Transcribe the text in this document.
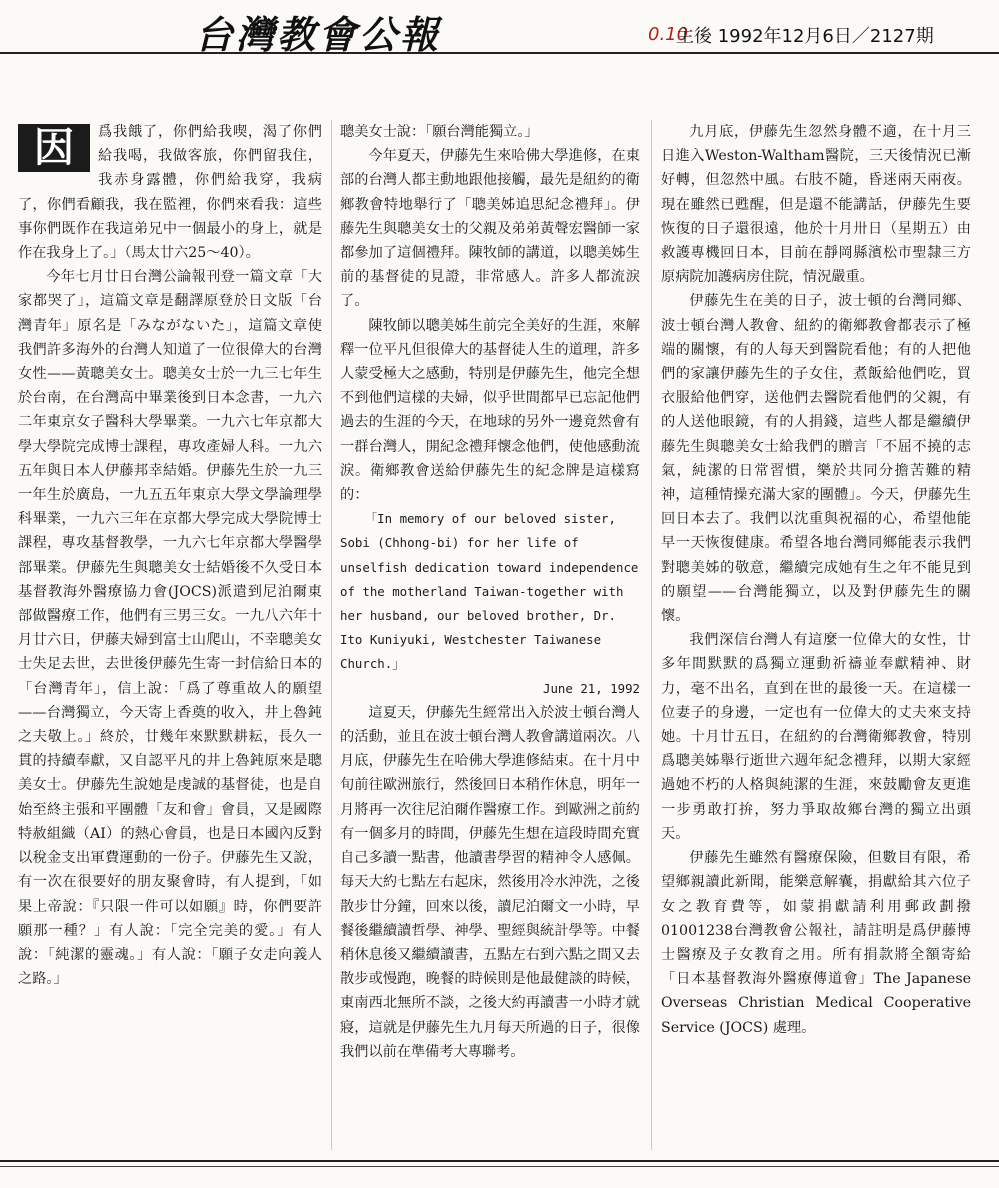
台灣教會公報	0.10
主後 1992年12月6日／2127期

因	爲我餓了，你們給我喫，渴了你們給我喝，我做客旅，你們留我住，我赤身露體，你們給我穿，我病了，你們看顧我，我在監裡，你們來看我：這些事你們既作在我這弟兄中一個最小的身上，就是作在我身上了。」（馬太廿六25～40）。

今年七月廿日台灣公論報刊登一篇文章「大家都哭了」，這篇文章是翻譯原登於日文版「台灣青年」原名是「みながないた」，這篇文章使我們許多海外的台灣人知道了一位很偉大的台灣女性——黃聰美女士。聰美女士於一九三七年生於台南，在台灣高中畢業後到日本念書，一九六二年東京女子醫科大學畢業。一九六七年京都大學大學院完成博士課程，專攻產婦人科。一九六五年與日本人伊藤邦幸結婚。伊藤先生於一九三一年生於廣島，一九五五年東京大學文學論理學科畢業，一九六三年在京都大學完成大學院博士課程，專攻基督教學，一九六七年京都大學醫學部畢業。伊藤先生與聰美女士結婚後不久受日本基督教海外醫療協力會(JOCS)派遣到尼泊爾東部做醫療工作，他們有三男三女。一九八六年十月廿六日，伊藤夫婦到富士山爬山，不幸聰美女士失足去世，去世後伊藤先生寄一封信給日本的「台灣青年」，信上說：「爲了尊重故人的願望——台灣獨立，今天寄上香奠的收入，井上魯鈍之夫敬上。」終於，廿幾年來默默耕耘，長久一貫的持續奉獻，又自認平凡的井上魯鈍原來是聰美女士。伊藤先生說她是虔誠的基督徒，也是自始至終主張和平團體「友和會」會員，又是國際特赦組織（AI）的熱心會員，也是日本國內反對以稅金支出軍費運動的一份子。伊藤先生又說，有一次在很要好的朋友聚會時，有人提到，「如果上帝說：『只限一件可以如願』時，你們要許願那一種？」有人說：「完全完美的愛。」有人說：「純潔的靈魂。」有人說：「願子女走向義人之路。」

聰美女士說：「願台灣能獨立。」

今年夏天，伊藤先生來哈佛大學進修，在東部的台灣人都主動地跟他接觸，最先是紐約的衛鄉教會特地舉行了「聰美姊追思紀念禮拜」。伊藤先生與聰美女士的父親及弟弟黃聲宏醫師一家都參加了這個禮拜。陳牧師的講道，以聰美姊生前的基督徒的見證，非常感人。許多人都流淚了。

陳牧師以聰美姊生前完全美好的生涯，來解釋一位平凡但很偉大的基督徒人生的道理，許多人蒙受極大之感動，特別是伊藤先生，他完全想不到他們這樣的夫婦，似乎世間都早已忘記他們過去的生涯的今天，在地球的另外一邊竟然會有一群台灣人，開紀念禮拜懷念他們，使他感動流淚。衛鄉教會送給伊藤先生的紀念牌是這樣寫的：

「In memory of our beloved sister, Sobi (Chhong-bi) for her life of unselfish dedication toward independence of the motherland Taiwan-together with her husband, our beloved brother, Dr. Ito Kuniyuki, Westchester Taiwanese Church.」

June 21, 1992

這夏天，伊藤先生經常出入於波士頓台灣人的活動，並且在波士頓台灣人教會講道兩次。八月底，伊藤先生在哈佛大學進修結束。在十月中旬前往歐洲旅行，然後回日本稍作休息，明年一月將再一次往尼泊爾作醫療工作。到歐洲之前約有一個多月的時間，伊藤先生想在這段時間充實自己多讀一點書，他讀書學習的精神令人感佩。每天大約七點左右起床，然後用冷水沖洗，之後散步廿分鐘，回來以後，讀尼泊爾文一小時，早餐後繼續讀哲學、神學、聖經與統計學等。中餐稍休息後又繼續讀書，五點左右到六點之間又去散步或慢跑，晚餐的時候則是他最健談的時候，東南西北無所不談，之後大約再讀書一小時才就寢，這就是伊藤先生九月每天所過的日子，很像我們以前在準備考大專聯考。

九月底，伊藤先生忽然身體不適，在十月三日進入Weston-Waltham醫院，三天後情況已漸好轉，但忽然中風。右肢不隨，昏迷兩天兩夜。現在雖然已甦醒，但是還不能講話，伊藤先生要恢復的日子還很遠，他於十月卅日（星期五）由救護專機回日本，目前在靜岡縣濱松市聖隸三方原病院加護病房住院，情況嚴重。

伊藤先生在美的日子，波士頓的台灣同鄉、波士頓台灣人教會、紐約的衛鄉教會都表示了極端的關懷，有的人每天到醫院看他；有的人把他們的家讓伊藤先生的子女住，煮飯給他們吃，買衣服給他們穿，送他們去醫院看他們的父親，有的人送他眼鏡，有的人捐錢，這些人都是繼續伊藤先生與聰美女士給我們的贈言「不屈不撓的志氣，純潔的日常習慣，樂於共同分擔苦難的精神，這種情操充滿大家的團體」。今天，伊藤先生回日本去了。我們以沈重與祝福的心，希望他能早一天恢復健康。希望各地台灣同鄉能表示我們對聰美姊的敬意，繼續完成她有生之年不能見到的願望——台灣能獨立，以及對伊藤先生的關懷。

我們深信台灣人有這麼一位偉大的女性，廿多年間默默的爲獨立運動祈禱並奉獻精神、財力，毫不出名，直到在世的最後一天。在這樣一位妻子的身邊，一定也有一位偉大的丈夫來支持她。十月廿五日，在紐約的台灣衛鄉教會，特別爲聰美姊舉行逝世六週年紀念禮拜，以期大家經過她不朽的人格與純潔的生涯，來鼓勵會友更進一步勇敢打拚，努力爭取故鄉台灣的獨立出頭天。

伊藤先生雖然有醫療保險，但數目有限，希望鄉親讀此新聞，能樂意解囊，捐獻給其六位子女之教育費等，如蒙捐獻請利用郵政劃撥01001238台灣教會公報社，請註明是爲伊藤博士醫療及子女教育之用。所有捐款將全額寄給「日本基督教海外醫療傳道會」The Japanese Overseas Christian Medical Cooperative Service (JOCS) 處理。
